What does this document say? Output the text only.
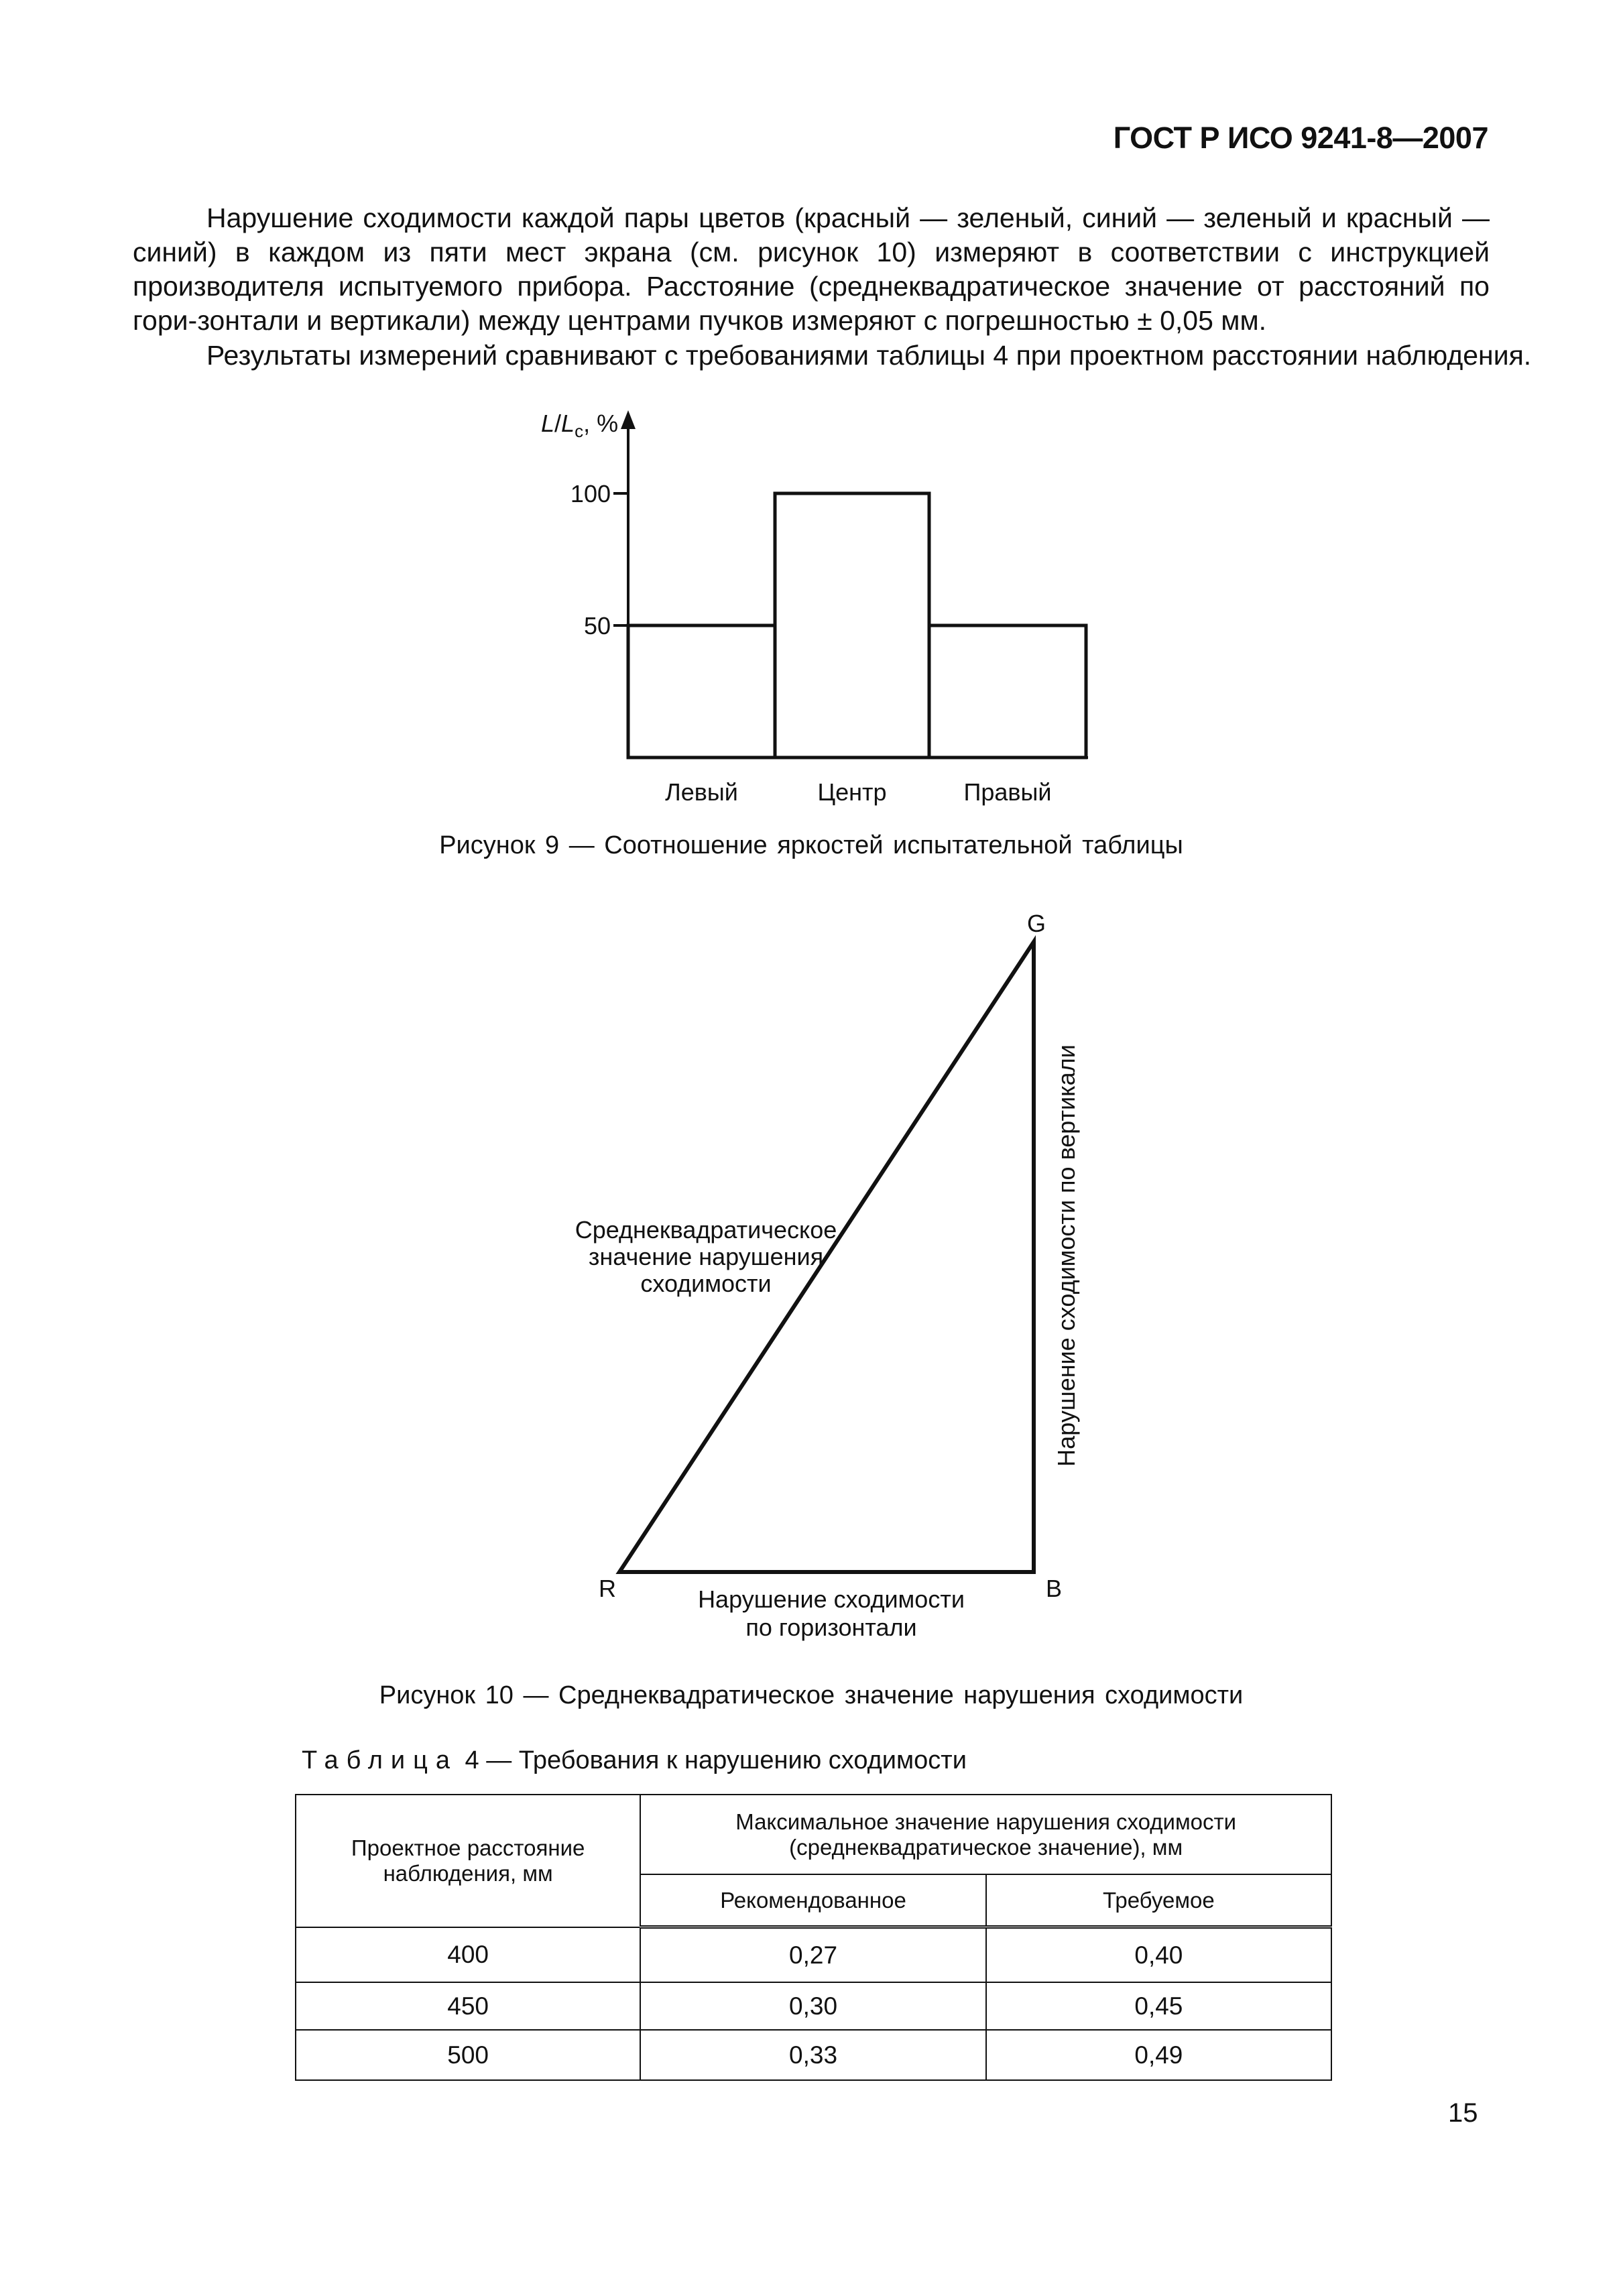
ГОСТ Р ИСО 9241-8—2007
Нарушение сходимости каждой пары цветов (красный — зеленый, синий — зеленый и красный — синий) в каждом из пяти мест экрана (см. рисунок 10) измеряют в соответствии с инструкцией производителя испытуемого прибора. Расстояние (среднеквадратическое значение от расстояний по гори-зонтали и вертикали) между центрами пучков измеряют с погрешностью ± 0,05 мм.
Результаты измерений сравнивают с требованиями таблицы 4 при проектном расстоянии наблюдения.
50
100
Левый	Центр	Правый
$L/L_c$, %
Рисунок 9 — Соотношение яркостей испытательной таблицы
G
R	B
Среднеквадратическое
значение нарушения
сходимости	Нарушение сходимости по вертикали
Нарушение сходимости
по горизонтали
Рисунок 10 — Среднеквадратическое значение нарушения сходимости
Таблица 4 — Требования к нарушению сходимости
Проектное расстояние
наблюдения, мм	Максимальное значение нарушения сходимости
(среднеквадратическое значение), мм	
	Рекомендованное	Требуемое
400	0,27	0,40
450	0,30	0,45
500	0,33	0,49
15
